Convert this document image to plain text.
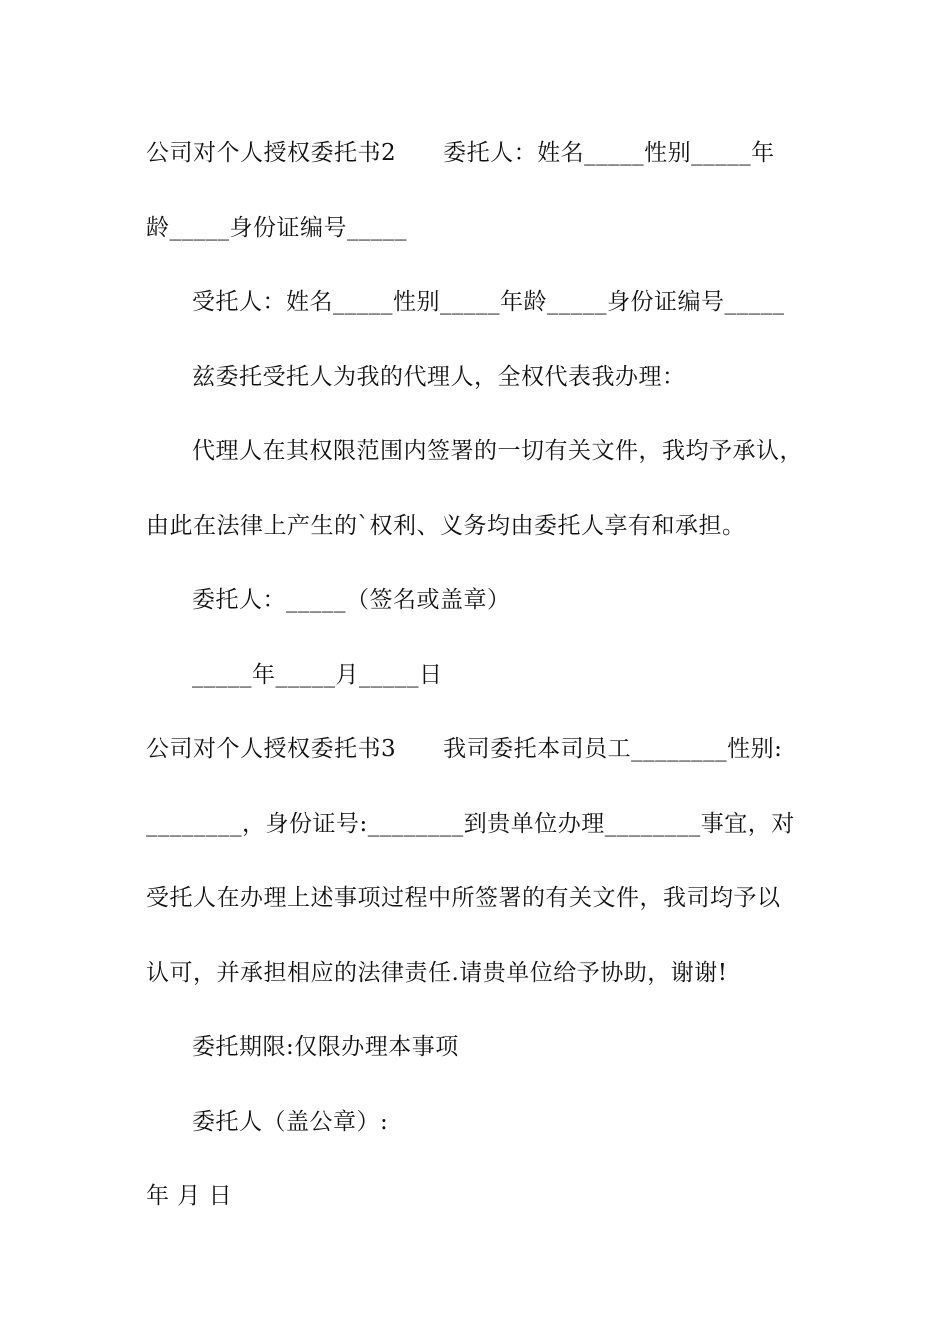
公司对个人授权委托书2　　委托人：姓名_____性别_____年
龄_____身份证编号_____
受托人：姓名_____性别_____年龄_____身份证编号_____
兹委托受托人为我的代理人，全权代表我办理：
代理人在其权限范围内签署的一切有关文件，我均予承认，
由此在法律上产生的`权利、义务均由委托人享有和承担。
委托人：_____（签名或盖章）
_____年_____月_____日
公司对个人授权委托书3　　我司委托本司员工________性别:
________，身份证号:________到贵单位办理________事宜，对
受托人在办理上述事项过程中所签署的有关文件，我司均予以
认可，并承担相应的法律责任.请贵单位给予协助，谢谢!
委托期限:仅限办理本事项
委托人（盖公章）:
年 月 日
